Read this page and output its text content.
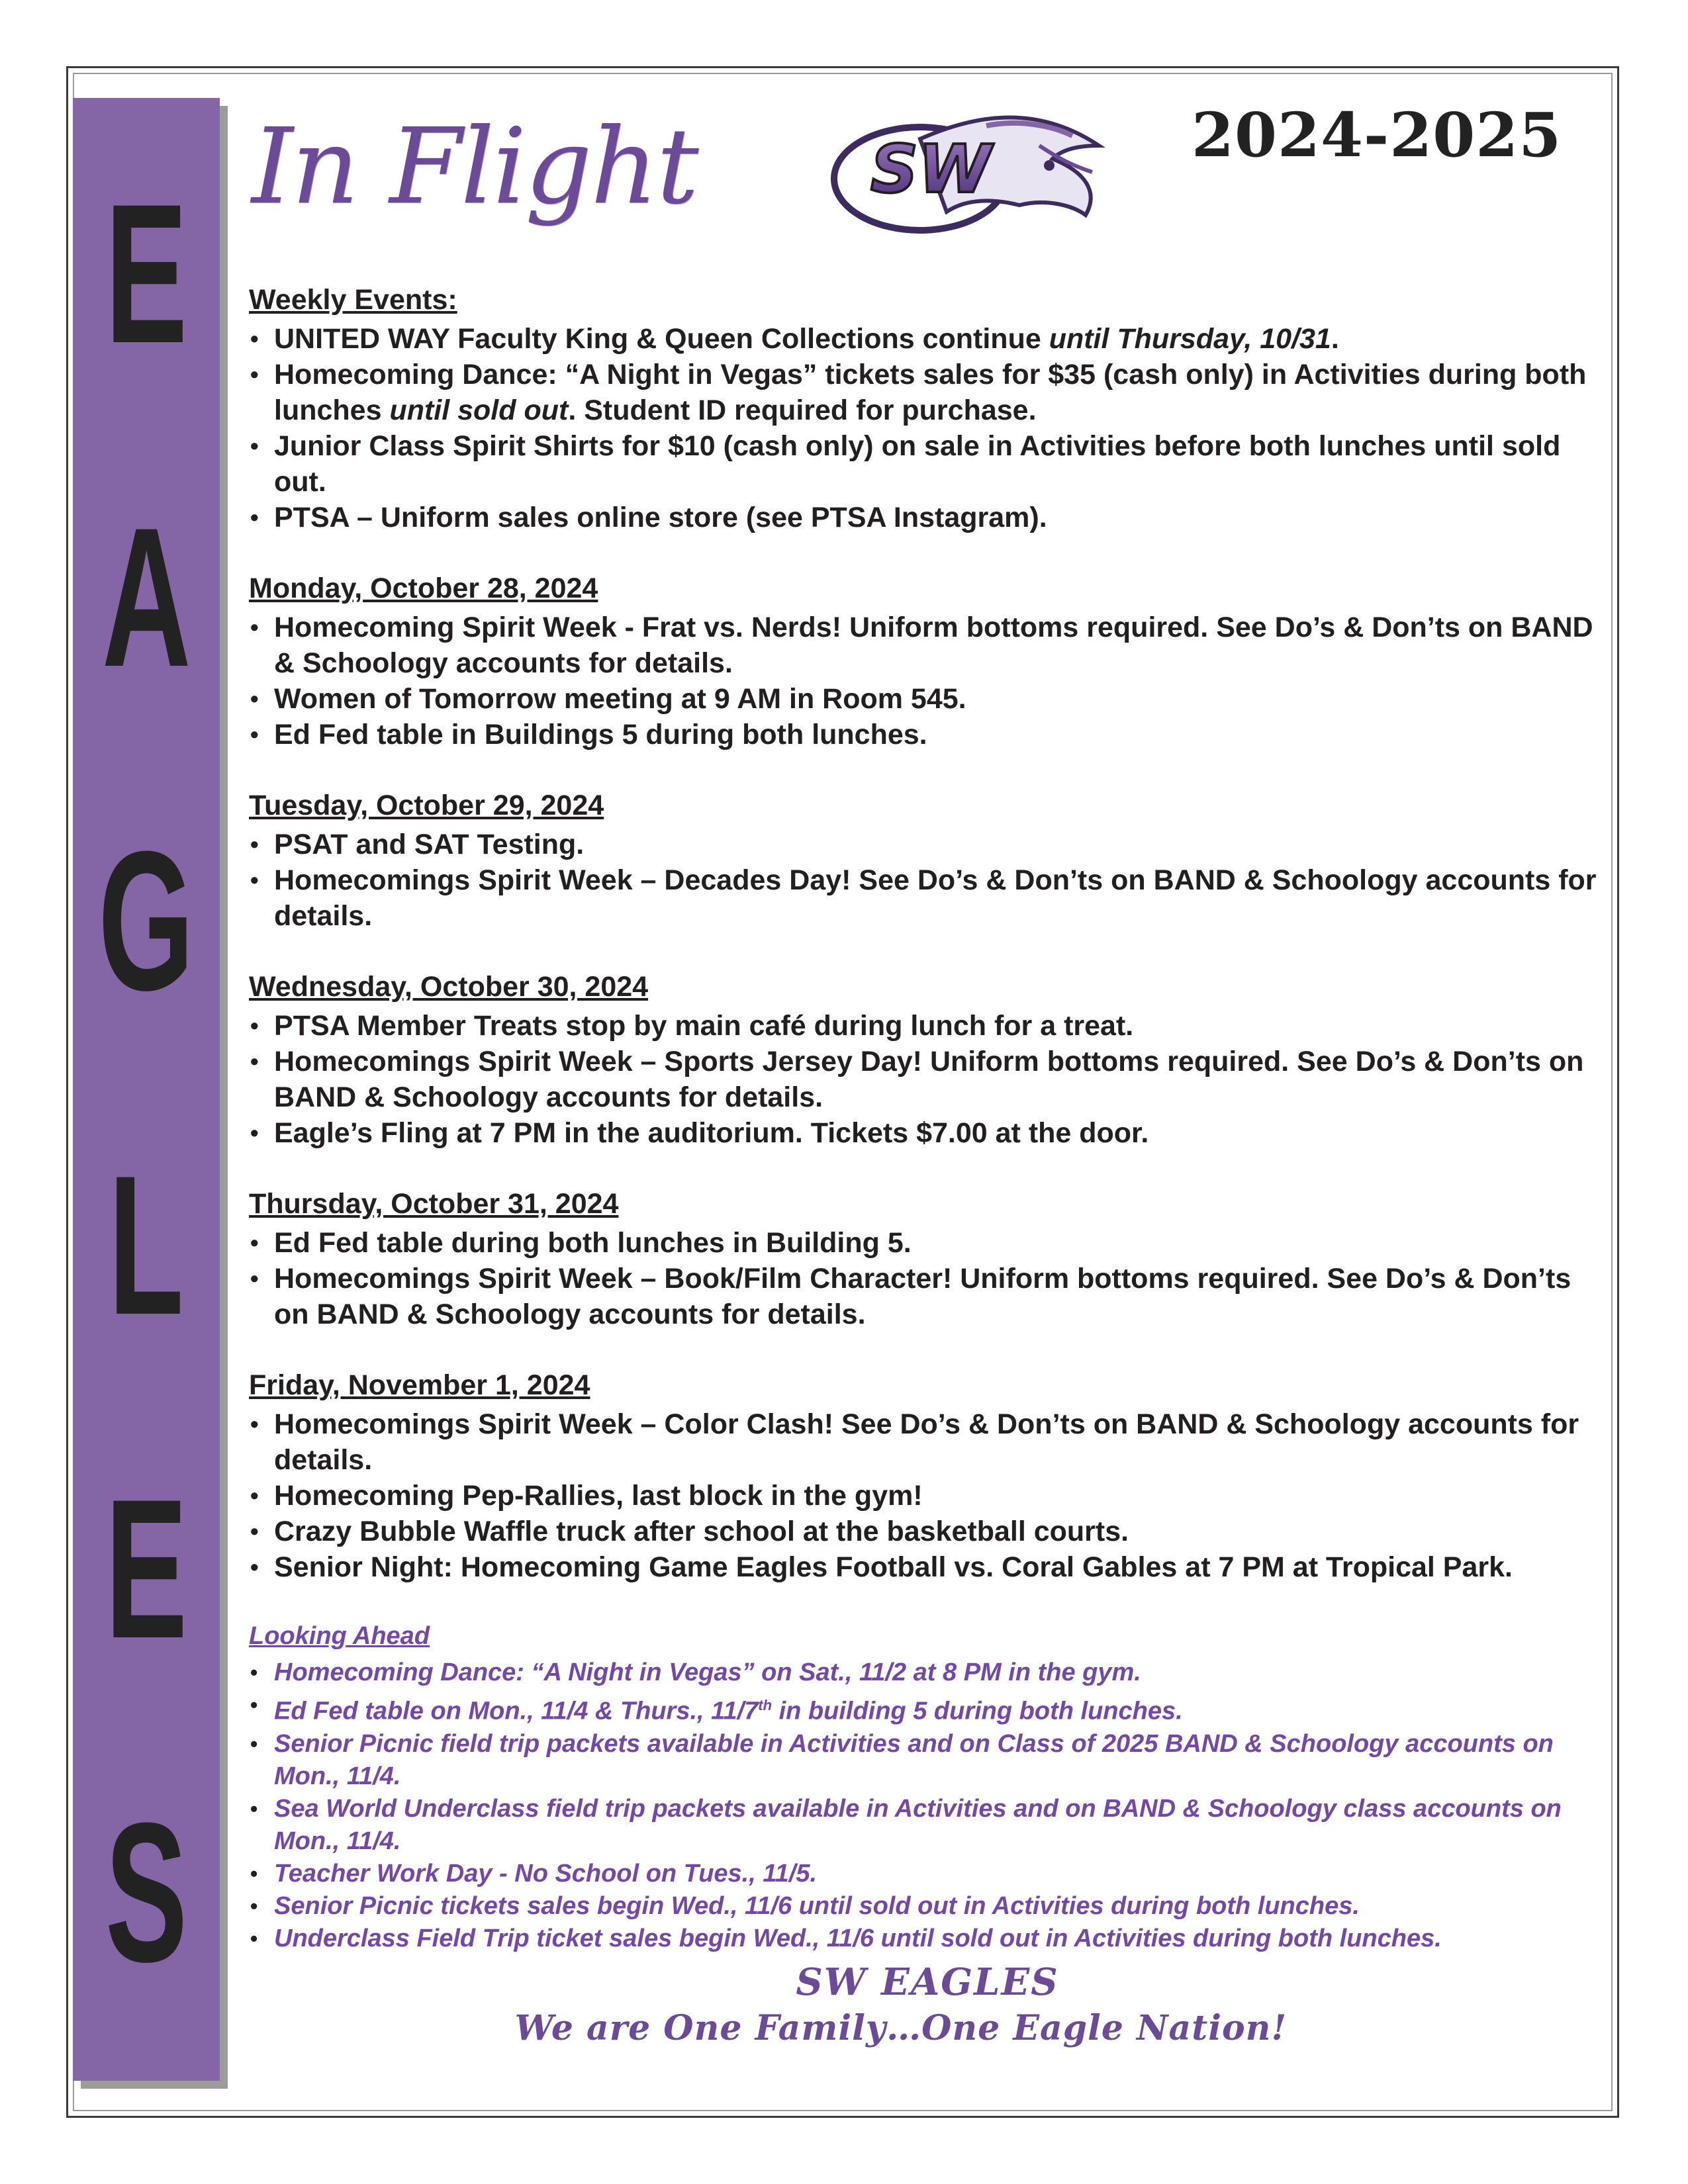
E
A
G
L
E
S
In Flight	SW	2024-2025
Weekly Events:
• UNITED WAY Faculty King & Queen Collections continue until Thursday, 10/31.
• Homecoming Dance: “A Night in Vegas” tickets sales for $35 (cash only) in Activities during both lunches until sold out. Student ID required for purchase.
• Junior Class Spirit Shirts for $10 (cash only) on sale in Activities before both lunches until sold out.
• PTSA – Uniform sales online store (see PTSA Instagram).
Monday, October 28, 2024
• Homecoming Spirit Week - Frat vs. Nerds! Uniform bottoms required. See Do’s & Don’ts on BAND & Schoology accounts for details.
• Women of Tomorrow meeting at 9 AM in Room 545.
• Ed Fed table in Buildings 5 during both lunches.
Tuesday, October 29, 2024
• PSAT and SAT Testing.
• Homecomings Spirit Week – Decades Day! See Do’s & Don’ts on BAND & Schoology accounts for details.
Wednesday, October 30, 2024
• PTSA Member Treats stop by main café during lunch for a treat.
• Homecomings Spirit Week – Sports Jersey Day! Uniform bottoms required. See Do’s & Don’ts on BAND & Schoology accounts for details.
• Eagle’s Fling at 7 PM in the auditorium. Tickets $7.00 at the door.
Thursday, October 31, 2024
• Ed Fed table during both lunches in Building 5.
• Homecomings Spirit Week – Book/Film Character! Uniform bottoms required. See Do’s & Don’ts on BAND & Schoology accounts for details.
Friday, November 1, 2024
• Homecomings Spirit Week – Color Clash! See Do’s & Don’ts on BAND & Schoology accounts for details.
• Homecoming Pep-Rallies, last block in the gym!
• Crazy Bubble Waffle truck after school at the basketball courts.
• Senior Night: Homecoming Game Eagles Football vs. Coral Gables at 7 PM at Tropical Park.
Looking Ahead
• Homecoming Dance: “A Night in Vegas” on Sat., 11/2 at 8 PM in the gym.
• Ed Fed table on Mon., 11/4 & Thurs., 11/7th in building 5 during both lunches.
• Senior Picnic field trip packets available in Activities and on Class of 2025 BAND & Schoology accounts on Mon., 11/4.
• Sea World Underclass field trip packets available in Activities and on BAND & Schoology class accounts on Mon., 11/4.
• Teacher Work Day - No School on Tues., 11/5.
• Senior Picnic tickets sales begin Wed., 11/6 until sold out in Activities during both lunches.
• Underclass Field Trip ticket sales begin Wed., 11/6 until sold out in Activities during both lunches.
SW EAGLES
We are One Family…One Eagle Nation!
